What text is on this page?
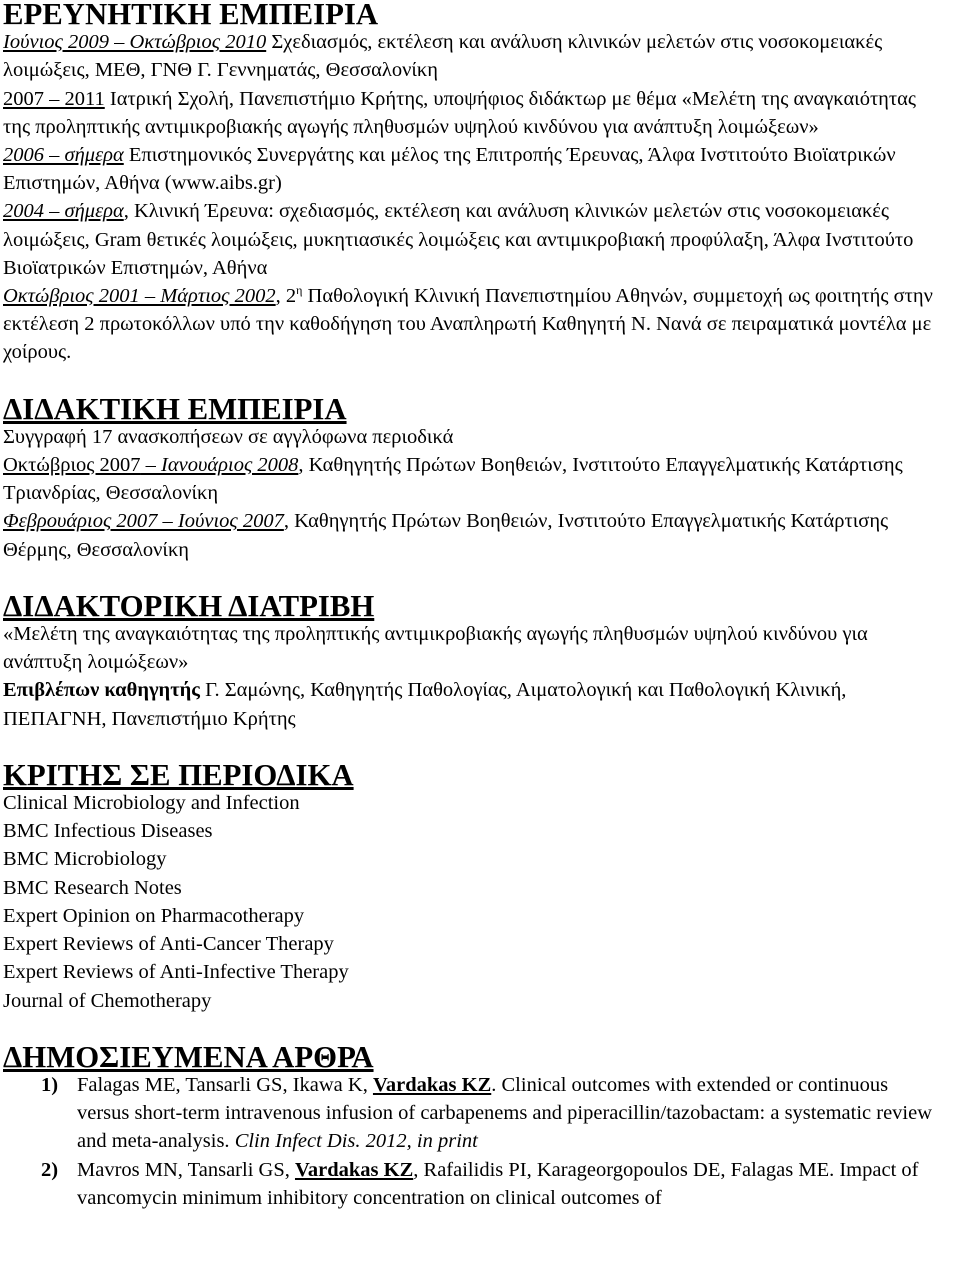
ΕΡΕΥΝΗΤΙΚΗ ΕΜΠΕΙΡΙΑ

Ιούνιος 2009 – Οκτώβριος 2010 Σχεδιασμός, εκτέλεση και ανάλυση κλινικών μελετών στις νοσοκομειακές λοιμώξεις, ΜΕΘ, ΓΝΘ Γ. Γεννηματάς, Θεσσαλονίκη

2007 – 2011 Ιατρική Σχολή, Πανεπιστήμιο Κρήτης, υποψήφιος διδάκτωρ με θέμα «Μελέτη της αναγκαιότητας της προληπτικής αντιμικροβιακής αγωγής πληθυσμών υψηλού κινδύνου για ανάπτυξη λοιμώξεων»

2006 – σήμερα Επιστημονικός Συνεργάτης και μέλος της Επιτροπής Έρευνας, Άλφα Ινστιτούτο Βιοϊατρικών Επιστημών, Αθήνα (www.aibs.gr)

2004 – σήμερα, Κλινική Έρευνα: σχεδιασμός, εκτέλεση και ανάλυση κλινικών μελετών στις νοσοκομειακές λοιμώξεις, Gram θετικές λοιμώξεις, μυκητιασικές λοιμώξεις και αντιμικροβιακή προφύλαξη, Άλφα Ινστιτούτο Βιοϊατρικών Επιστημών, Αθήνα

Οκτώβριος 2001 – Μάρτιος 2002, $2^\eta$ Παθολογική Κλινική Πανεπιστημίου Αθηνών, συμμετοχή ως φοιτητής στην εκτέλεση 2 πρωτοκόλλων υπό την καθοδήγηση του Αναπληρωτή Καθηγητή Ν. Νανά σε πειραματικά μοντέλα με χοίρους.

ΔΙΔΑΚΤΙΚΗ ΕΜΠΕΙΡΙΑ

Συγγραφή 17 ανασκοπήσεων σε αγγλόφωνα περιοδικά

Οκτώβριος 2007 – Ιανουάριος 2008, Καθηγητής Πρώτων Βοηθειών, Ινστιτούτο Επαγγελματικής Κατάρτισης Τριανδρίας, Θεσσαλονίκη

Φεβρουάριος 2007 – Ιούνιος 2007, Καθηγητής Πρώτων Βοηθειών, Ινστιτούτο Επαγγελματικής Κατάρτισης Θέρμης, Θεσσαλονίκη

ΔΙΔΑΚΤΟΡΙΚΗ ΔΙΑΤΡΙΒΗ

«Μελέτη της αναγκαιότητας της προληπτικής αντιμικροβιακής αγωγής πληθυσμών υψηλού κινδύνου για ανάπτυξη λοιμώξεων»

Επιβλέπων καθηγητής Γ. Σαμώνης, Καθηγητής Παθολογίας, Αιματολογική και Παθολογική Κλινική, ΠΕΠΑΓΝΗ, Πανεπιστήμιο Κρήτης

ΚΡΙΤΗΣ ΣΕ ΠΕΡΙΟΔΙΚΑ
Clinical Microbiology and Infection
BMC Infectious Diseases
BMC Microbiology
BMC Research Notes
Expert Opinion on Pharmacotherapy
Expert Reviews of Anti-Cancer Therapy
Expert Reviews of Anti-Infective Therapy
Journal of Chemotherapy
ΔΗΜΟΣΙΕΥΜΕΝΑ ΑΡΘΡΑ
1) Falagas ME, Tansarli GS, Ikawa K, Vardakas KZ. Clinical outcomes with extended or continuous versus short-term intravenous infusion of carbapenems and piperacillin/tazobactam: a systematic review and meta-analysis. Clin Infect Dis. 2012, in print
2) Mavros MN, Tansarli GS, Vardakas KZ, Rafailidis PI, Karageorgopoulos DE, Falagas ME. Impact of vancomycin minimum inhibitory concentration on clinical outcomes of
